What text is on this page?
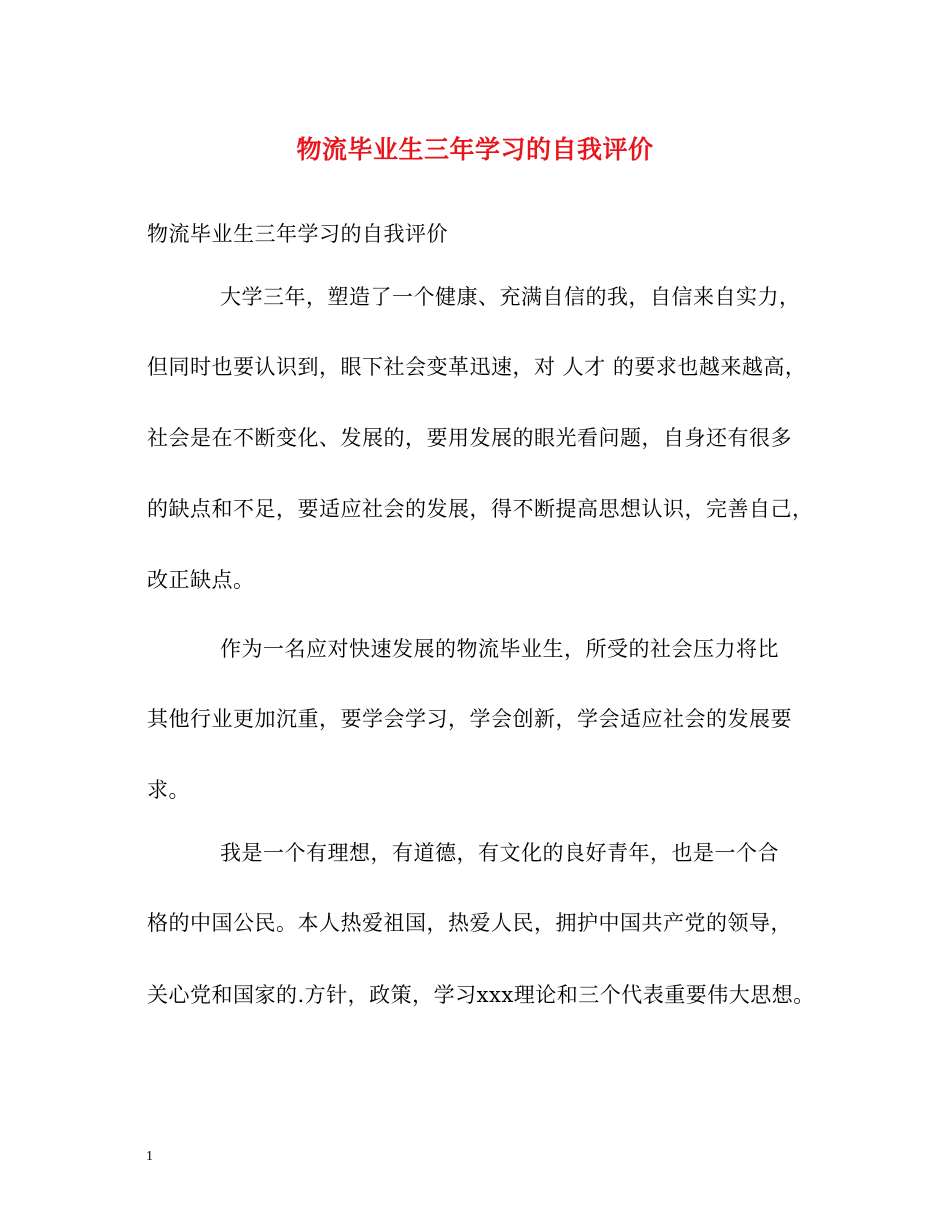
物流毕业生三年学习的自我评价
物流毕业生三年学习的自我评价
大学三年，塑造了一个健康、充满自信的我，自信来自实力，
但同时也要认识到，眼下社会变革迅速，对 人才 的要求也越来越高，
社会是在不断变化、发展的，要用发展的眼光看问题，自身还有很多
的缺点和不足，要适应社会的发展，得不断提高思想认识，完善自己，
改正缺点。
作为一名应对快速发展的物流毕业生，所受的社会压力将比
其他行业更加沉重，要学会学习，学会创新，学会适应社会的发展要
求。
我是一个有理想，有道德，有文化的良好青年，也是一个合
格的中国公民。本人热爱祖国，热爱人民，拥护中国共产党的领导，
关心党和国家的.方针，政策，学习xxx理论和三个代表重要伟大思想。
1
